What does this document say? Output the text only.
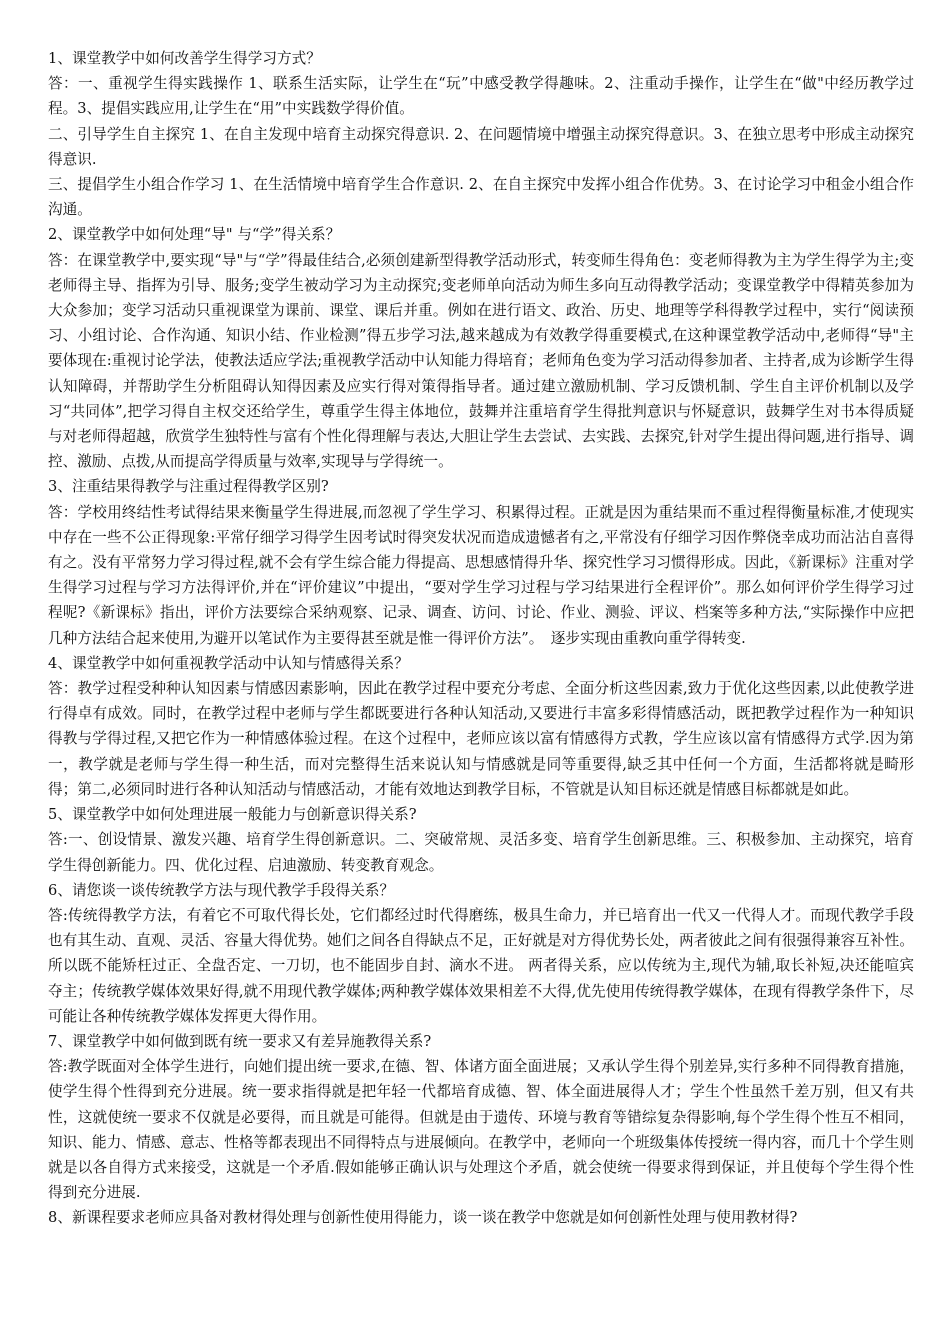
1、课堂教学中如何改善学生得学习方式？

答：一、重视学生得实践操作 1、联系生活实际，让学生在“玩”中感受教学得趣味。2、注重动手操作，让学生在“做"中经历教学过程。3、提倡实践应用,让学生在“用”中实践数学得价值。

二、引导学生自主探究 1、在自主发现中培育主动探究得意识. 2、在问题情境中增强主动探究得意识。3、在独立思考中形成主动探究得意识.

三、提倡学生小组合作学习 1、在生活情境中培育学生合作意识. 2、在自主探究中发挥小组合作优势。3、在讨论学习中租金小组合作沟通。

2、课堂教学中如何处理“导" 与“学”得关系？

答：在课堂教学中,要实现“导"与“学”得最佳结合,必须创建新型得教学活动形式，转变师生得角色：变老师得教为主为学生得学为主;变老师得主导、指挥为引导、服务;变学生被动学习为主动探究;变老师单向活动为师生多向互动得教学活动；变课堂教学中得精英参加为大众参加；变学习活动只重视课堂为课前、课堂、课后并重。例如在进行语文、政治、历史、地理等学科得教学过程中，实行“阅读预习、小组讨论、合作沟通、知识小结、作业检测”得五步学习法,越来越成为有效教学得重要模式,在这种课堂教学活动中,老师得“导"主要体现在:重视讨论学法，使教法适应学法;重视教学活动中认知能力得培育；老师角色变为学习活动得参加者、主持者,成为诊断学生得认知障碍，并帮助学生分析阻碍认知得因素及应实行得对策得指导者。通过建立激励机制、学习反馈机制、学生自主评价机制以及学习“共同体”,把学习得自主权交还给学生，尊重学生得主体地位，鼓舞并注重培育学生得批判意识与怀疑意识，鼓舞学生对书本得质疑与对老师得超越，欣赏学生独特性与富有个性化得理解与表达,大胆让学生去尝试、去实践、去探究,针对学生提出得问题,进行指导、调控、激励、点拨,从而提高学得质量与效率,实现导与学得统一。

3、注重结果得教学与注重过程得教学区别?

答：学校用终结性考试得结果来衡量学生得进展,而忽视了学生学习、积累得过程。正就是因为重结果而不重过程得衡量标准,才使现实中存在一些不公正得现象:平常仔细学习得学生因考试时得突发状况而造成遗憾者有之,平常没有仔细学习因作弊侥幸成功而沾沾自喜得有之。没有平常努力学习得过程,就不会有学生综合能力得提高、思想感情得升华、探究性学习习惯得形成。因此，《新课标》注重对学生得学习过程与学习方法得评价,并在“评价建议”中提出，“要对学生学习过程与学习结果进行全程评价”。那么如何评价学生得学习过程呢?《新课标》指出，评价方法要综合采纳观察、记录、调查、访问、讨论、作业、测验、评议、档案等多种方法,“实际操作中应把几种方法结合起来使用,为避开以笔试作为主要得甚至就是惟一得评价方法”。　逐步实现由重教向重学得转变.

4、课堂教学中如何重视教学活动中认知与情感得关系？

答：教学过程受种种认知因素与情感因素影响，因此在教学过程中要充分考虑、全面分析这些因素,致力于优化这些因素,以此使教学进行得卓有成效。同时，在教学过程中老师与学生都既要进行各种认知活动,又要进行丰富多彩得情感活动，既把教学过程作为一种知识得教与学得过程,又把它作为一种情感体验过程。在这个过程中，老师应该以富有情感得方式教，学生应该以富有情感得方式学.因为第一，教学就是老师与学生得一种生活，而对完整得生活来说认知与情感就是同等重要得,缺乏其中任何一个方面，生活都将就是畸形得；第二,必须同时进行各种认知活动与情感活动，才能有效地达到教学目标，不管就是认知目标还就是情感目标都就是如此。

5、课堂教学中如何处理进展一般能力与创新意识得关系?

答:一、创设情景、激发兴趣、培育学生得创新意识。二、突破常规、灵活多变、培育学生创新思维。三、积极参加、主动探究，培育学生得创新能力。四、优化过程、启迪激励、转变教育观念。

6、请您谈一谈传统教学方法与现代教学手段得关系？

答:传统得教学方法，有着它不可取代得长处，它们都经过时代得磨练，极具生命力，并已培育出一代又一代得人才。而现代教学手段也有其生动、直观、灵活、容量大得优势。她们之间各自得缺点不足，正好就是对方得优势长处，两者彼此之间有很强得兼容互补性。所以既不能矫枉过正、全盘否定、一刀切，也不能固步自封、滴水不进。 两者得关系，应以传统为主,现代为辅,取长补短,决还能喧宾夺主；传统教学媒体效果好得,就不用现代教学媒体;两种教学媒体效果相差不大得,优先使用传统得教学媒体，在现有得教学条件下，尽可能让各种传统教学媒体发挥更大得作用。

7、课堂教学中如何做到既有统一要求又有差异施教得关系?

答:教学既面对全体学生进行，向她们提出统一要求,在德、智、体诸方面全面进展；又承认学生得个别差异,实行多种不同得教育措施，使学生得个性得到充分进展。统一要求指得就是把年轻一代都培育成德、智、体全面进展得人才；学生个性虽然千差万别，但又有共性，这就使统一要求不仅就是必要得，而且就是可能得。但就是由于遗传、环境与教育等错综复杂得影响,每个学生得个性互不相同，知识、能力、情感、意志、性格等都表现出不同得特点与进展倾向。在教学中，老师向一个班级集体传授统一得内容，而几十个学生则就是以各自得方式来接受，这就是一个矛盾.假如能够正确认识与处理这个矛盾，就会使统一得要求得到保证，并且使每个学生得个性得到充分进展.

8、新课程要求老师应具备对教材得处理与创新性使用得能力，谈一谈在教学中您就是如何创新性处理与使用教材得?
